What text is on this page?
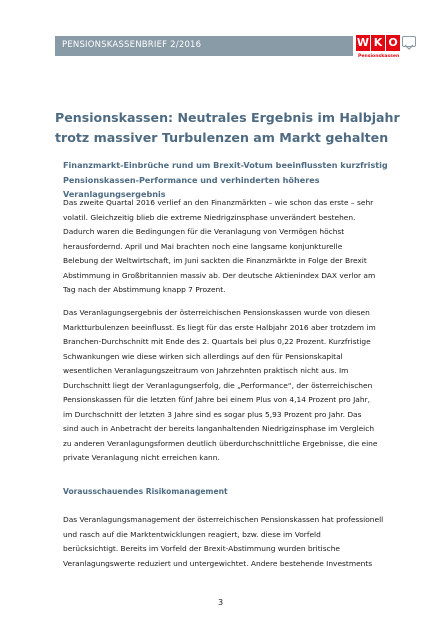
PENSIONSKASSENBRIEF 2/2016	W K O
Pensionskassen
Pensionskassen: Neutrales Ergebnis im Halbjahr trotz massiver Turbulenzen am Markt gehalten
Finanzmarkt-Einbrüche rund um Brexit-Votum beeinflussten kurzfristig Pensionskassen-Performance und verhinderten höheres Veranlagungsergebnis
Das zweite Quartal 2016 verlief an den Finanzmärkten – wie schon das erste – sehr
volatil. Gleichzeitig blieb die extreme Niedrigzinsphase unverändert bestehen.
Dadurch waren die Bedingungen für die Veranlagung von Vermögen höchst
herausfordernd. April und Mai brachten noch eine langsame konjunkturelle
Belebung der Weltwirtschaft, im Juni sackten die Finanzmärkte in Folge der Brexit
Abstimmung in Großbritannien massiv ab. Der deutsche Aktienindex DAX verlor am
Tag nach der Abstimmung knapp 7 Prozent.
Das Veranlagungsergebnis der österreichischen Pensionskassen wurde von diesen
Marktturbulenzen beeinflusst. Es liegt für das erste Halbjahr 2016 aber trotzdem im
Branchen-Durchschnitt mit Ende des 2. Quartals bei plus 0,22 Prozent. Kurzfristige
Schwankungen wie diese wirken sich allerdings auf den für Pensionskapital
wesentlichen Veranlagungszeitraum von Jahrzehnten praktisch nicht aus. Im
Durchschnitt liegt der Veranlagungserfolg, die „Performance“, der österreichischen
Pensionskassen für die letzten fünf Jahre bei einem Plus von 4,14 Prozent pro Jahr,
im Durchschnitt der letzten 3 Jahre sind es sogar plus 5,93 Prozent pro Jahr. Das
sind auch in Anbetracht der bereits langanhaltenden Niedrigzinsphase im Vergleich
zu anderen Veranlagungsformen deutlich überdurchschnittliche Ergebnisse, die eine
private Veranlagung nicht erreichen kann.
Vorausschauendes Risikomanagement
Das Veranlagungsmanagement der österreichischen Pensionskassen hat professionell
und rasch auf die Marktentwicklungen reagiert, bzw. diese im Vorfeld
berücksichtigt. Bereits im Vorfeld der Brexit-Abstimmung wurden britische
Veranlagungswerte reduziert und untergewichtet. Andere bestehende Investments
3
